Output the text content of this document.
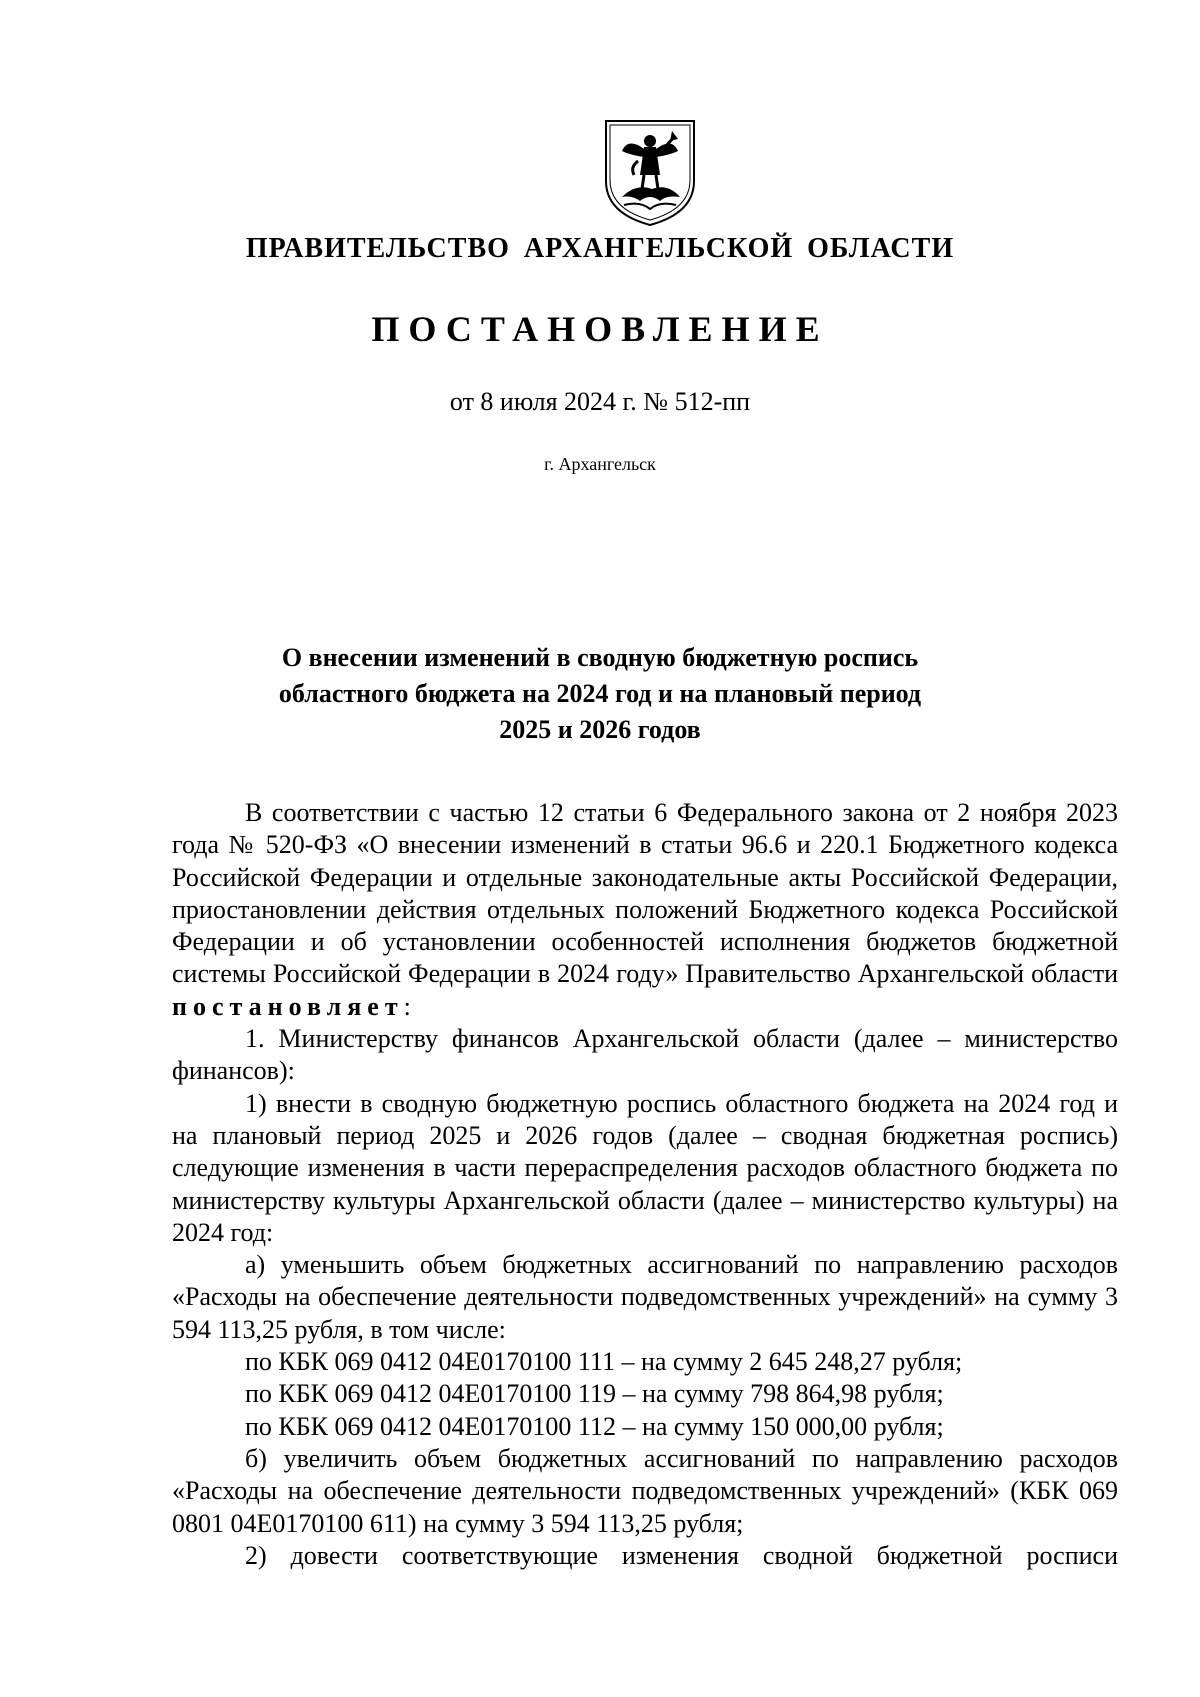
ПРАВИТЕЛЬСТВО АРХАНГЕЛЬСКОЙ ОБЛАСТИ
ПОСТАНОВЛЕНИЕ
от 8 июля 2024 г. № 512-пп
г. Архангельск
О внесении изменений в сводную бюджетную роспись
областного бюджета на 2024 год и на плановый период
2025 и 2026 годов

В соответствии с частью 12 статьи 6 Федерального закона от 2 ноября 2023 года № 520-ФЗ «О внесении изменений в статьи 96.6 и 220.1 Бюджетного кодекса Российской Федерации и отдельные законодательные акты Российской Федерации, приостановлении действия отдельных положений Бюджетного кодекса Российской Федерации и об установлении особенностей исполнения бюджетов бюджетной системы Российской Федерации в 2024 году» Правительство Архангельской области постановляет:

1. Министерству финансов Архангельской области (далее – министерство финансов):

1) внести в сводную бюджетную роспись областного бюджета на 2024 год и на плановый период 2025 и 2026 годов (далее – сводная бюджетная роспись) следующие изменения в части перераспределения расходов областного бюджета по министерству культуры Архангельской области (далее – министерство культуры) на 2024 год:

а) уменьшить объем бюджетных ассигнований по направлению расходов «Расходы на обеспечение деятельности подведомственных учреждений» на сумму 3 594 113,25 рубля, в том числе:

по КБК 069 0412 04Е0170100 111 – на сумму 2 645 248,27 рубля;

по КБК 069 0412 04Е0170100 119 – на сумму 798 864,98 рубля;

по КБК 069 0412 04Е0170100 112 – на сумму 150 000,00 рубля;

б) увеличить объем бюджетных ассигнований по направлению расходов «Расходы на обеспечение деятельности подведомственных учреждений» (КБК 069 0801 04Е0170100 611) на сумму 3 594 113,25 рубля;

2) довести соответствующие изменения сводной бюджетной росписи
